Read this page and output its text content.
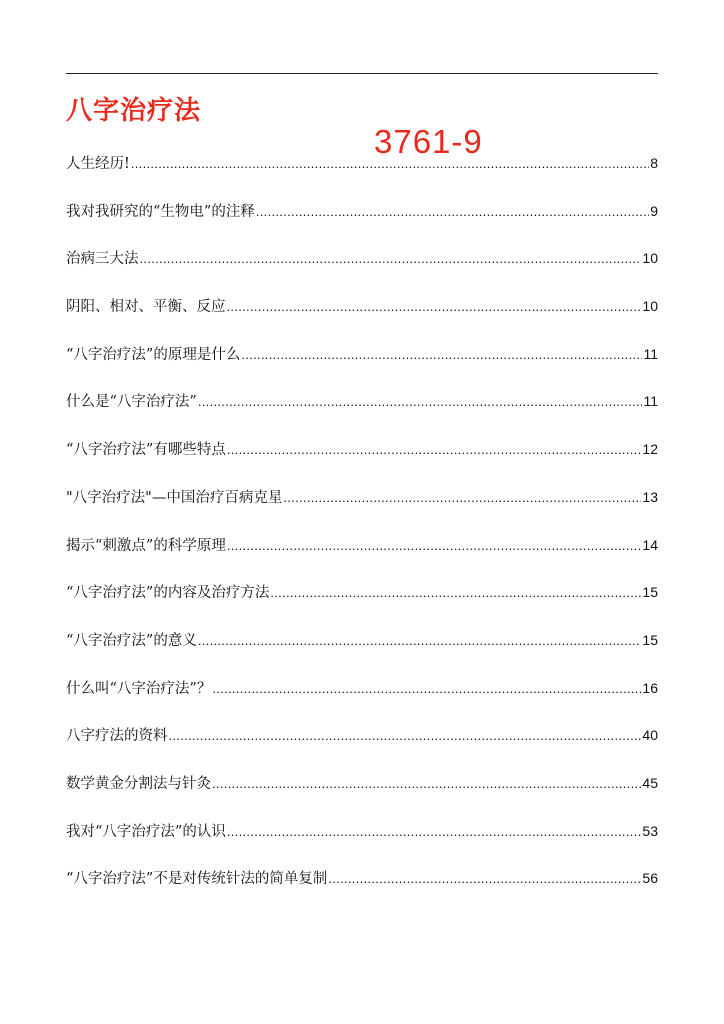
八字治疗法
3761-9
人生经历! .....	8
我对我研究的“生物电”的注释 .....	9
治病三大法 .....	10
阴阳、相对、平衡、反应 .....	10
“八字治疗法”的原理是什么 .....	11
什么是“八字治疗法” .....	11
“八字治疗法”有哪些特点 .....	12
"八字治疗法"—中国治疗百病克星 .....	13
揭示“刺激点”的科学原理 .....	14
“八字治疗法”的内容及治疗方法 .....	15
“八字治疗法”的意义 .....	15
什么叫“八字治疗法”？ .....	16
八字疗法的资料 .....	40
数学黄金分割法与针灸 .....	45
我对“八字治疗法”的认识 .....	53
“八字治疗法”不是对传统针法的简单复制 .....	56
